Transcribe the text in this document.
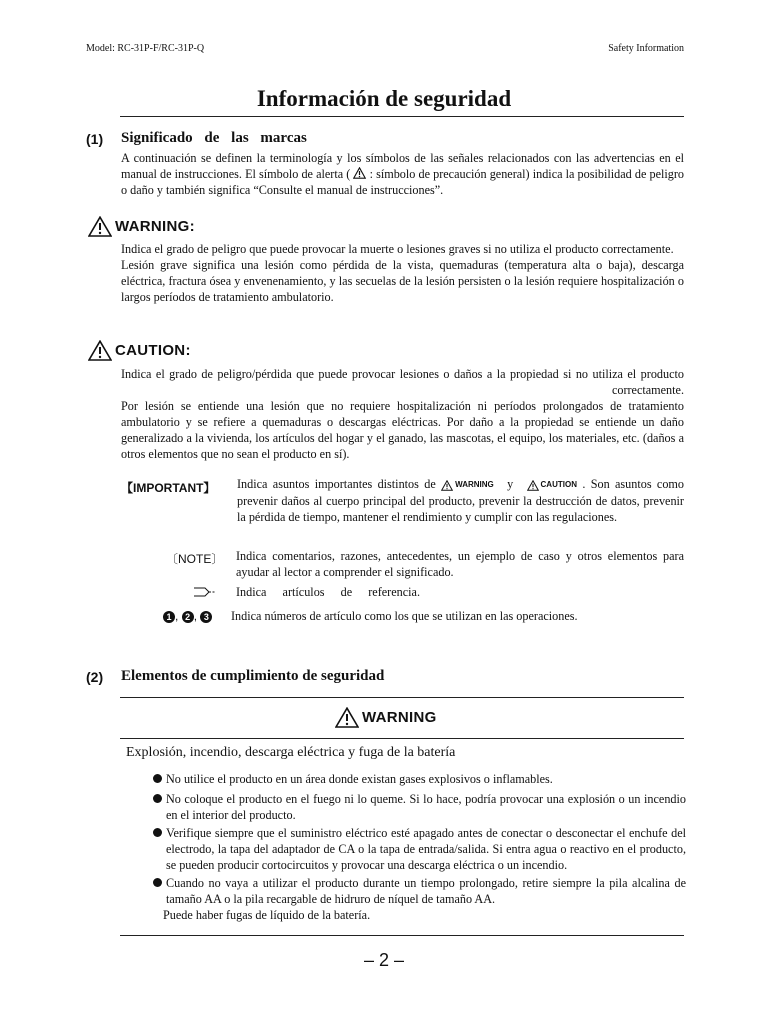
Model: RC-31P-F/RC-31P-Q	Safety Information
Información de seguridad
(1) Significado de las marcas
A continuación se definen la terminología y los símbolos de las señales relacionados con las advertencias en el manual de instrucciones. El símbolo de alerta ( : símbolo de precaución general) indica la posibilidad de peligro o daño y también significa “Consulte el manual de instrucciones”.
WARNING :
Indica el grado de peligro que puede provocar la muerte o lesiones graves si no utiliza el producto correctamente.
Lesión grave significa una lesión como pérdida de la vista, quemaduras (temperatura alta o baja), descarga eléctrica, fractura ósea y envenenamiento, y las secuelas de la lesión persisten o la lesión requiere hospitalización o largos períodos de tratamiento ambulatorio.
CAUTION :
Indica el grado de peligro/pérdida que puede provocar lesiones o daños a la propiedad si no utiliza el producto
correctamente.
Por lesión se entiende una lesión que no requiere hospitalización ni períodos prolongados de tratamiento ambulatorio y se refiere a quemaduras o descargas eléctricas. Por daño a la propiedad se entiende un daño generalizado a la vivienda, los artículos del hogar y el ganado, las mascotas, el equipo, los materiales, etc. (daños a otros elementos que no sean el producto en sí).
【IMPORTANT】 Indica asuntos importantes distintos de WARNING y	CAUTION . Son asuntos como prevenir daños al cuerpo principal del producto, prevenir la destrucción de datos, prevenir la pérdida de tiempo, mantener el rendimiento y cumplir con las regulaciones.
〔NOTE〕 Indica comentarios, razones, antecedentes, un ejemplo de caso y otros elementos para ayudar al lector a comprender el significado.
Indica artículos de referencia.
1 , 2 , 3 Indica números de artículo como los que se utilizan en las operaciones.
(2) Elementos de cumplimiento de seguridad
WARNING
Explosión, incendio, descarga eléctrica y fuga de la batería
No utilice el producto en un área donde existan gases explosivos o inflamables.
No coloque el producto en el fuego ni lo queme. Si lo hace, podría provocar una explosión o un incendio en el interior del producto.
Verifique siempre que el suministro eléctrico esté apagado antes de conectar o desconectar el enchufe del electrodo, la tapa del adaptador de CA o la tapa de entrada/salida. Si entra agua o reactivo en el producto, se pueden producir cortocircuitos y provocar una descarga eléctrica o un incendio.
Cuando no vaya a utilizar el producto durante un tiempo prolongado, retire siempre la pila alcalina de tamaño AA o la pila recargable de hidruro de níquel de tamaño AA.
Puede haber fugas de líquido de la batería.
– 2 –
